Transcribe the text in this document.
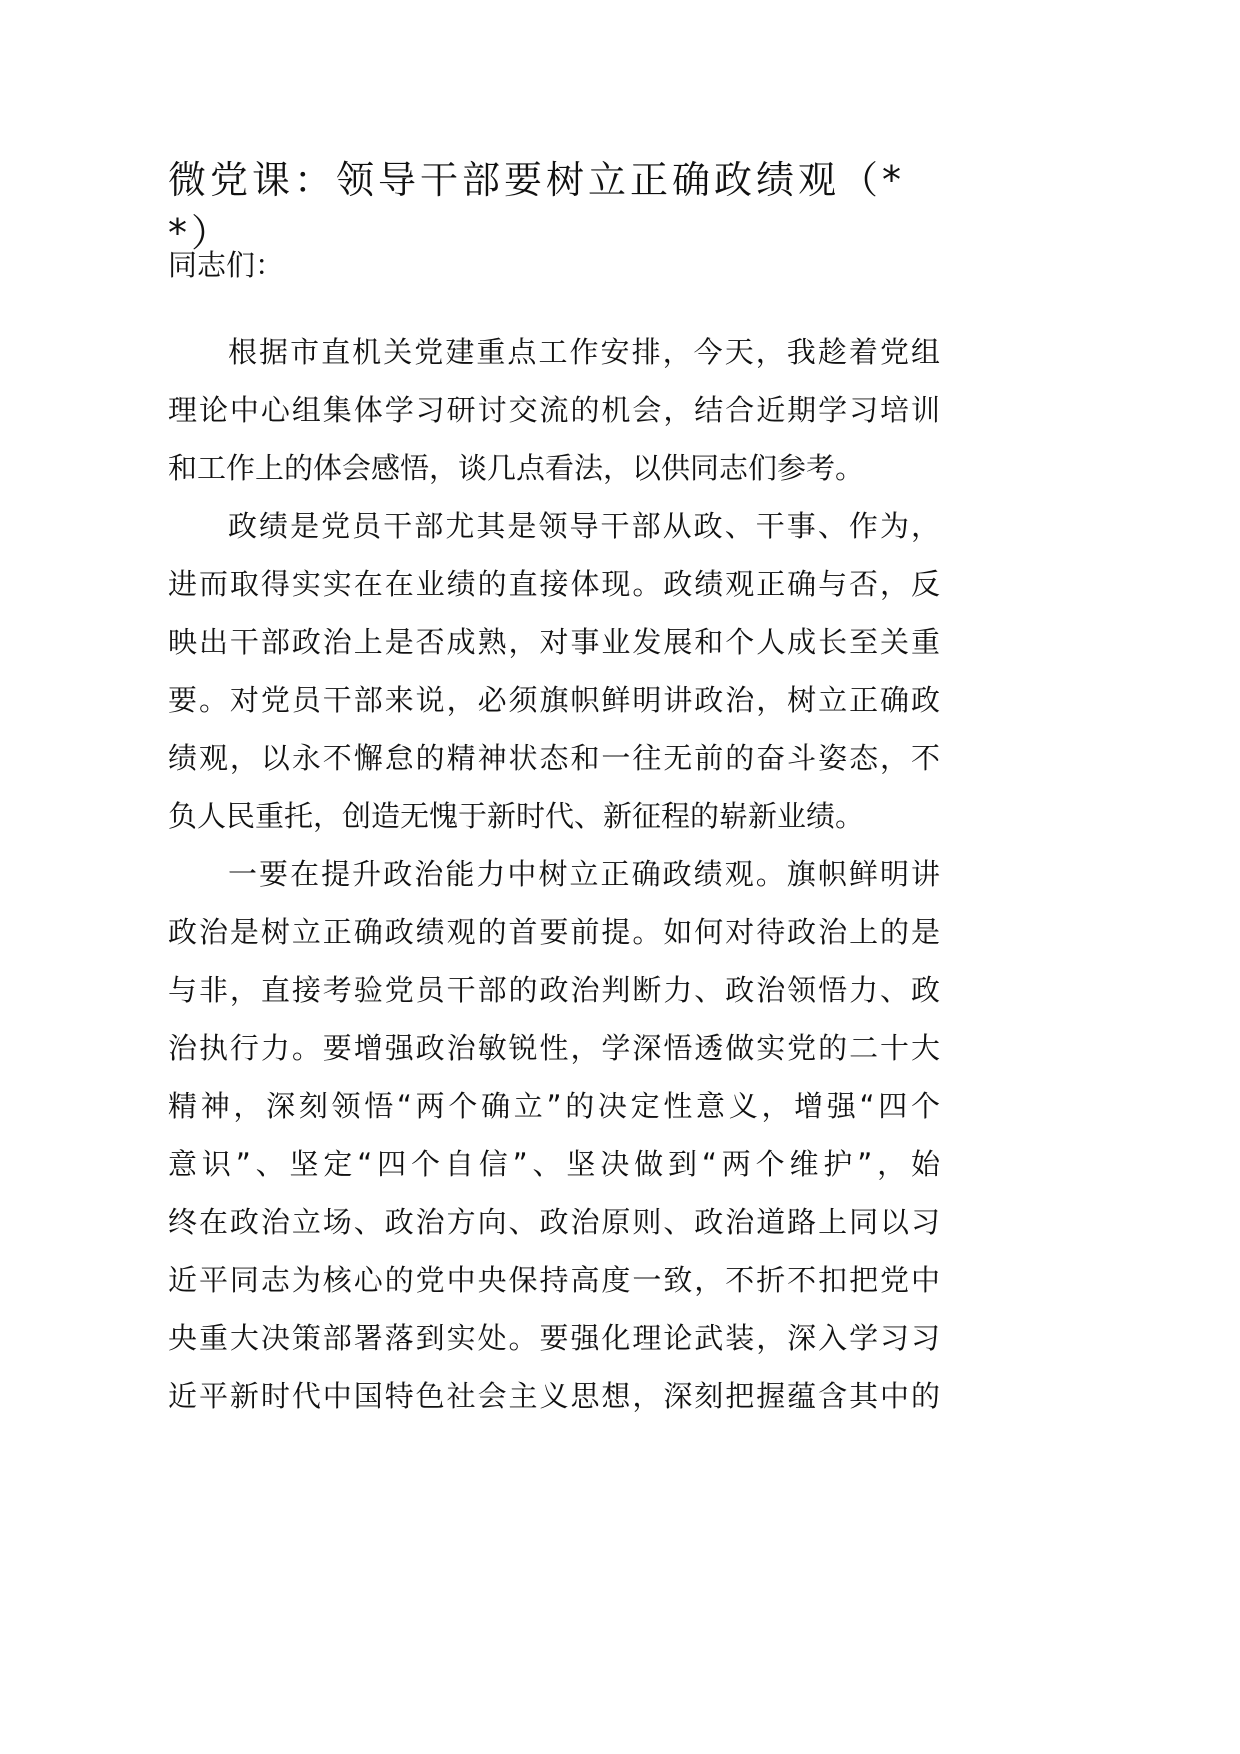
微党课：领导干部要树立正确政绩观（*
*）
同志们：
根据市直机关党建重点工作安排，今天，我趁着党组
理论中心组集体学习研讨交流的机会，结合近期学习培训
和工作上的体会感悟，谈几点看法，以供同志们参考。
政绩是党员干部尤其是领导干部从政、干事、作为，
进而取得实实在在业绩的直接体现。政绩观正确与否，反
映出干部政治上是否成熟，对事业发展和个人成长至关重
要。对党员干部来说，必须旗帜鲜明讲政治，树立正确政
绩观，以永不懈怠的精神状态和一往无前的奋斗姿态，不
负人民重托，创造无愧于新时代、新征程的崭新业绩。
一要在提升政治能力中树立正确政绩观。旗帜鲜明讲
政治是树立正确政绩观的首要前提。如何对待政治上的是
与非，直接考验党员干部的政治判断力、政治领悟力、政
治执行力。要增强政治敏锐性，学深悟透做实党的二十大
精神，深刻领悟“两个确立”的决定性意义，增强“四个
意识”、坚定“四个自信”、坚决做到“两个维护”，始
终在政治立场、政治方向、政治原则、政治道路上同以习
近平同志为核心的党中央保持高度一致，不折不扣把党中
央重大决策部署落到实处。要强化理论武装，深入学习习
近平新时代中国特色社会主义思想，深刻把握蕴含其中的
